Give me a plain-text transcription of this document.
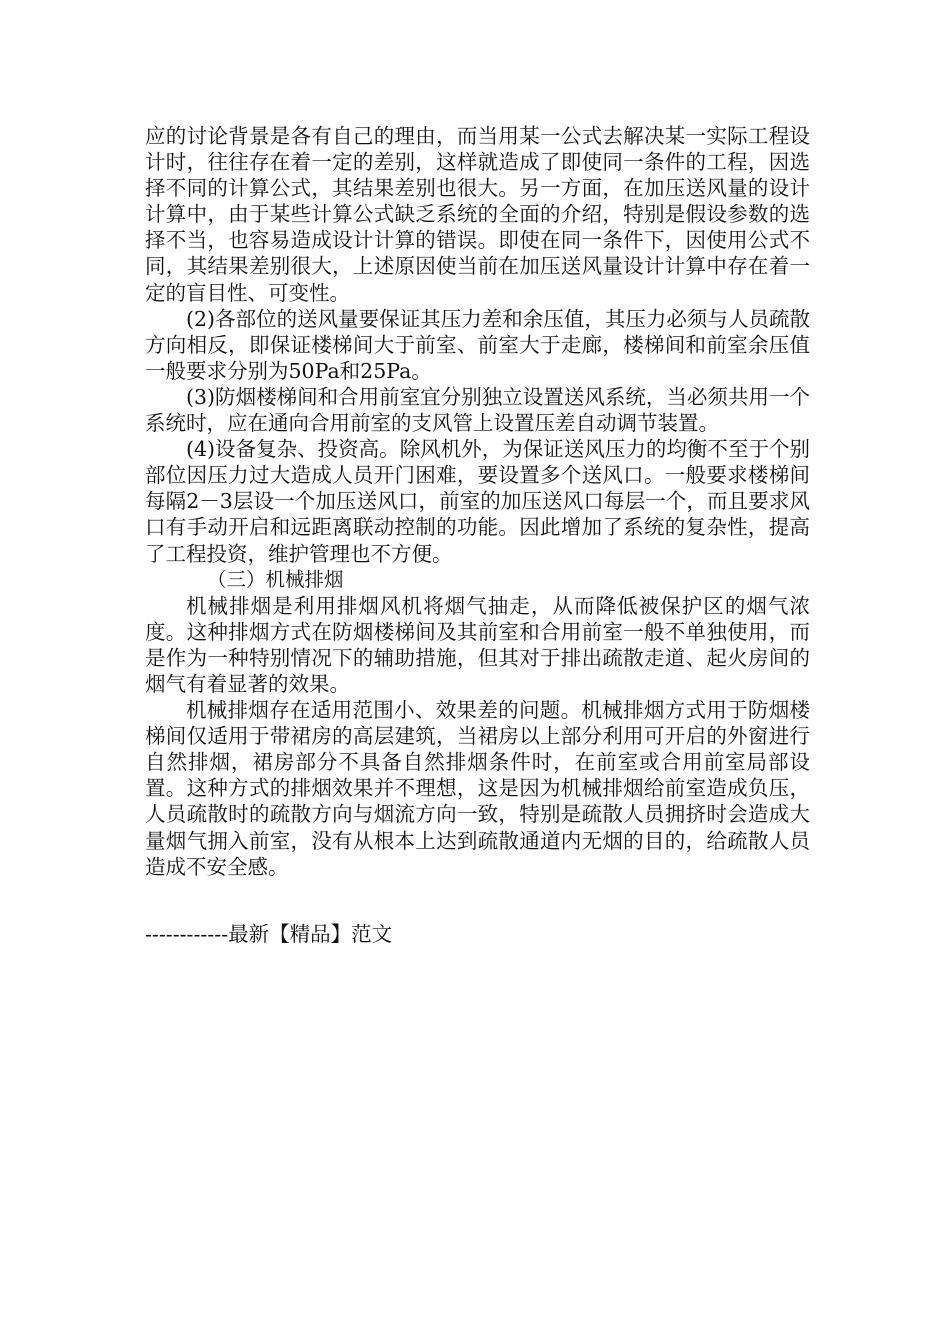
应的讨论背景是各有自己的理由，而当用某一公式去解决某一实际工程设计时，往往存在着一定的差别，这样就造成了即使同一条件的工程，因选择不同的计算公式，其结果差别也很大。另一方面，在加压送风量的设计计算中，由于某些计算公式缺乏系统的全面的介绍，特别是假设参数的选择不当，也容易造成设计计算的错误。即使在同一条件下，因使用公式不同，其结果差别很大，上述原因使当前在加压送风量设计计算中存在着一定的盲目性、可变性。

(2)各部位的送风量要保证其压力差和余压值，其压力必须与人员疏散方向相反，即保证楼梯间大于前室、前室大于走廊，楼梯间和前室余压值一般要求分别为50Pa和25Pa。

(3)防烟楼梯间和合用前室宜分别独立设置送风系统，当必须共用一个系统时，应在通向合用前室的支风管上设置压差自动调节装置。

(4)设备复杂、投资高。除风机外，为保证送风压力的均衡不至于个别部位因压力过大造成人员开门困难，要设置多个送风口。一般要求楼梯间每隔2－3层设一个加压送风口，前室的加压送风口每层一个，而且要求风口有手动开启和远距离联动控制的功能。因此增加了系统的复杂性，提高了工程投资，维护管理也不方便。

（三）机械排烟

机械排烟是利用排烟风机将烟气抽走，从而降低被保护区的烟气浓度。这种排烟方式在防烟楼梯间及其前室和合用前室一般不单独使用，而是作为一种特别情况下的辅助措施，但其对于排出疏散走道、起火房间的烟气有着显著的效果。

机械排烟存在适用范围小、效果差的问题。机械排烟方式用于防烟楼梯间仅适用于带裙房的高层建筑，当裙房以上部分利用可开启的外窗进行自然排烟，裙房部分不具备自然排烟条件时，在前室或合用前室局部设置。这种方式的排烟效果并不理想，这是因为机械排烟给前室造成负压，人员疏散时的疏散方向与烟流方向一致，特别是疏散人员拥挤时会造成大量烟气拥入前室，没有从根本上达到疏散通道内无烟的目的，给疏散人员造成不安全感。

------------最新【精品】范文
